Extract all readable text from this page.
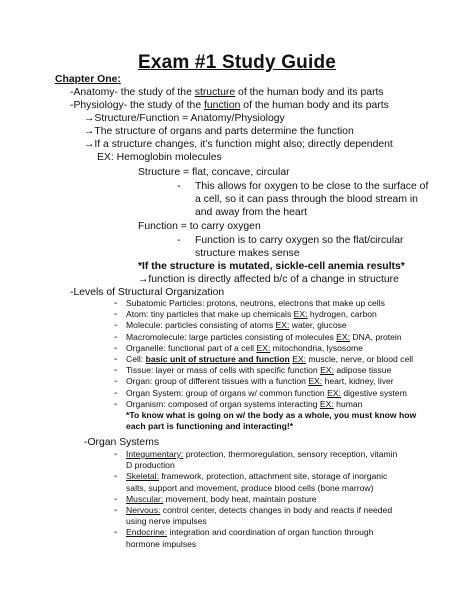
Exam #1 Study Guide
Chapter One:
-Anatomy- the study of the structure of the human body and its parts
-Physiology- the study of the function of the human body and its parts
→Structure/Function = Anatomy/Physiology
→The structure of organs and parts determine the function
→If a structure changes, it’s function might also; directly dependent
EX: Hemoglobin molecules
Structure = flat, concave, circular
- This allows for oxygen to be close to the surface of
a cell, so it can pass through the blood stream in
and away from the heart
Function = to carry oxygen
- Function is to carry oxygen so the flat/circular
structure makes sense
*If the structure is mutated, sickle-cell anemia results*
→function is directly affected b/c of a change in structure
-Levels of Structural Organization
- Subatomic Particles: protons, neutrons, electrons that make up cells
- Atom: tiny particles that make up chemicals EX: hydrogen, carbon
- Molecule: particles consisting of atoms EX: water, glucose
- Macromolecule: large particles consisting of molecules EX: DNA, protein
- Organelle: functional part of a cell EX: mitochondria, lysosome
- Cell: basic unit of structure and function EX: muscle, nerve, or blood cell
- Tissue: layer or mass of cells with specific function EX: adipose tissue
- Organ: group of different tissues with a function EX: heart, kidney, liver
- Organ System: group of organs w/ common function EX: digestive system
- Organism: composed of organ systems interacting EX: human
*To know what is going on w/ the body as a whole, you must know how
each part is functioning and interacting!*
-Organ Systems
- Integumentary: protection, thermoregulation, sensory reception, vitamin
D production
- Skeletal: framework, protection, attachment site, storage of inorganic
salts, support and movement, produce blood cells (bone marrow)
- Muscular: movement, body heat, maintain posture
- Nervous: control center, detects changes in body and reacts if needed
using nerve impulses
- Endocrine: integration and coordination of organ function through
hormone impulses
